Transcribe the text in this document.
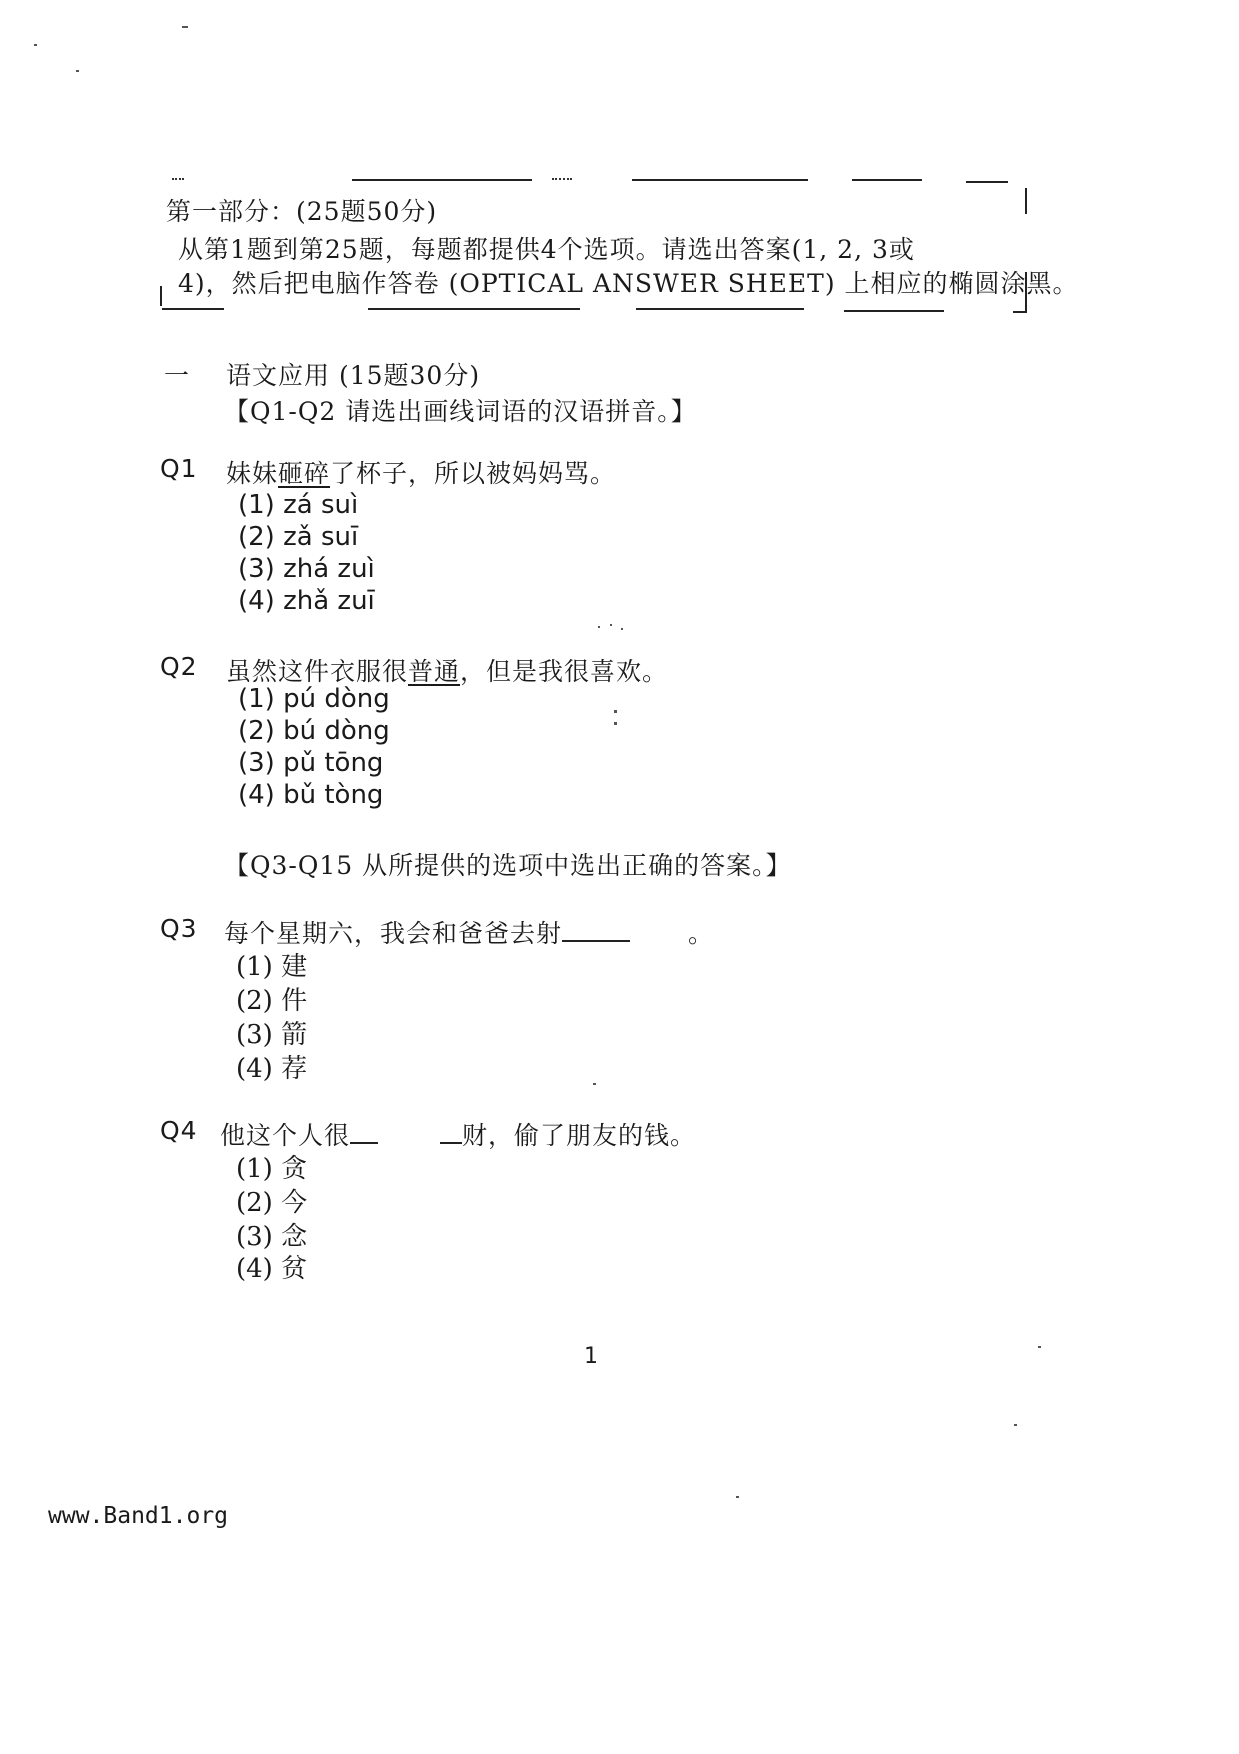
第一部分：(25题50分)
从第1题到第25题，每题都提供4个选项。请选出答案(1, 2, 3或
4)，然后把电脑作答卷 (OPTICAL ANSWER SHEET) 上相应的椭圆涂黑。
一 语文应用 (15题30分)
【Q1-Q2 请选出画线词语的汉语拼音。】
Q1 妹妹砸碎了杯子，所以被妈妈骂。
(1) zá suì
(2) zǎ suī
(3) zhá zuì
(4) zhǎ zuī
Q2 虽然这件衣服很普通，但是我很喜欢。
(1) pú dòng
(2) bú dòng
(3) pǔ tōng
(4) bǔ tòng
【Q3-Q15 从所提供的选项中选出正确的答案。】
Q3 每个星期六，我会和爸爸去射	。
(1) 建
(2) 件
(3) 箭
(4) 荐
Q4 他这个人很	财，偷了朋友的钱。
(1) 贪
(2) 今
(3) 念
(4) 贫
1
www.Band1.org
